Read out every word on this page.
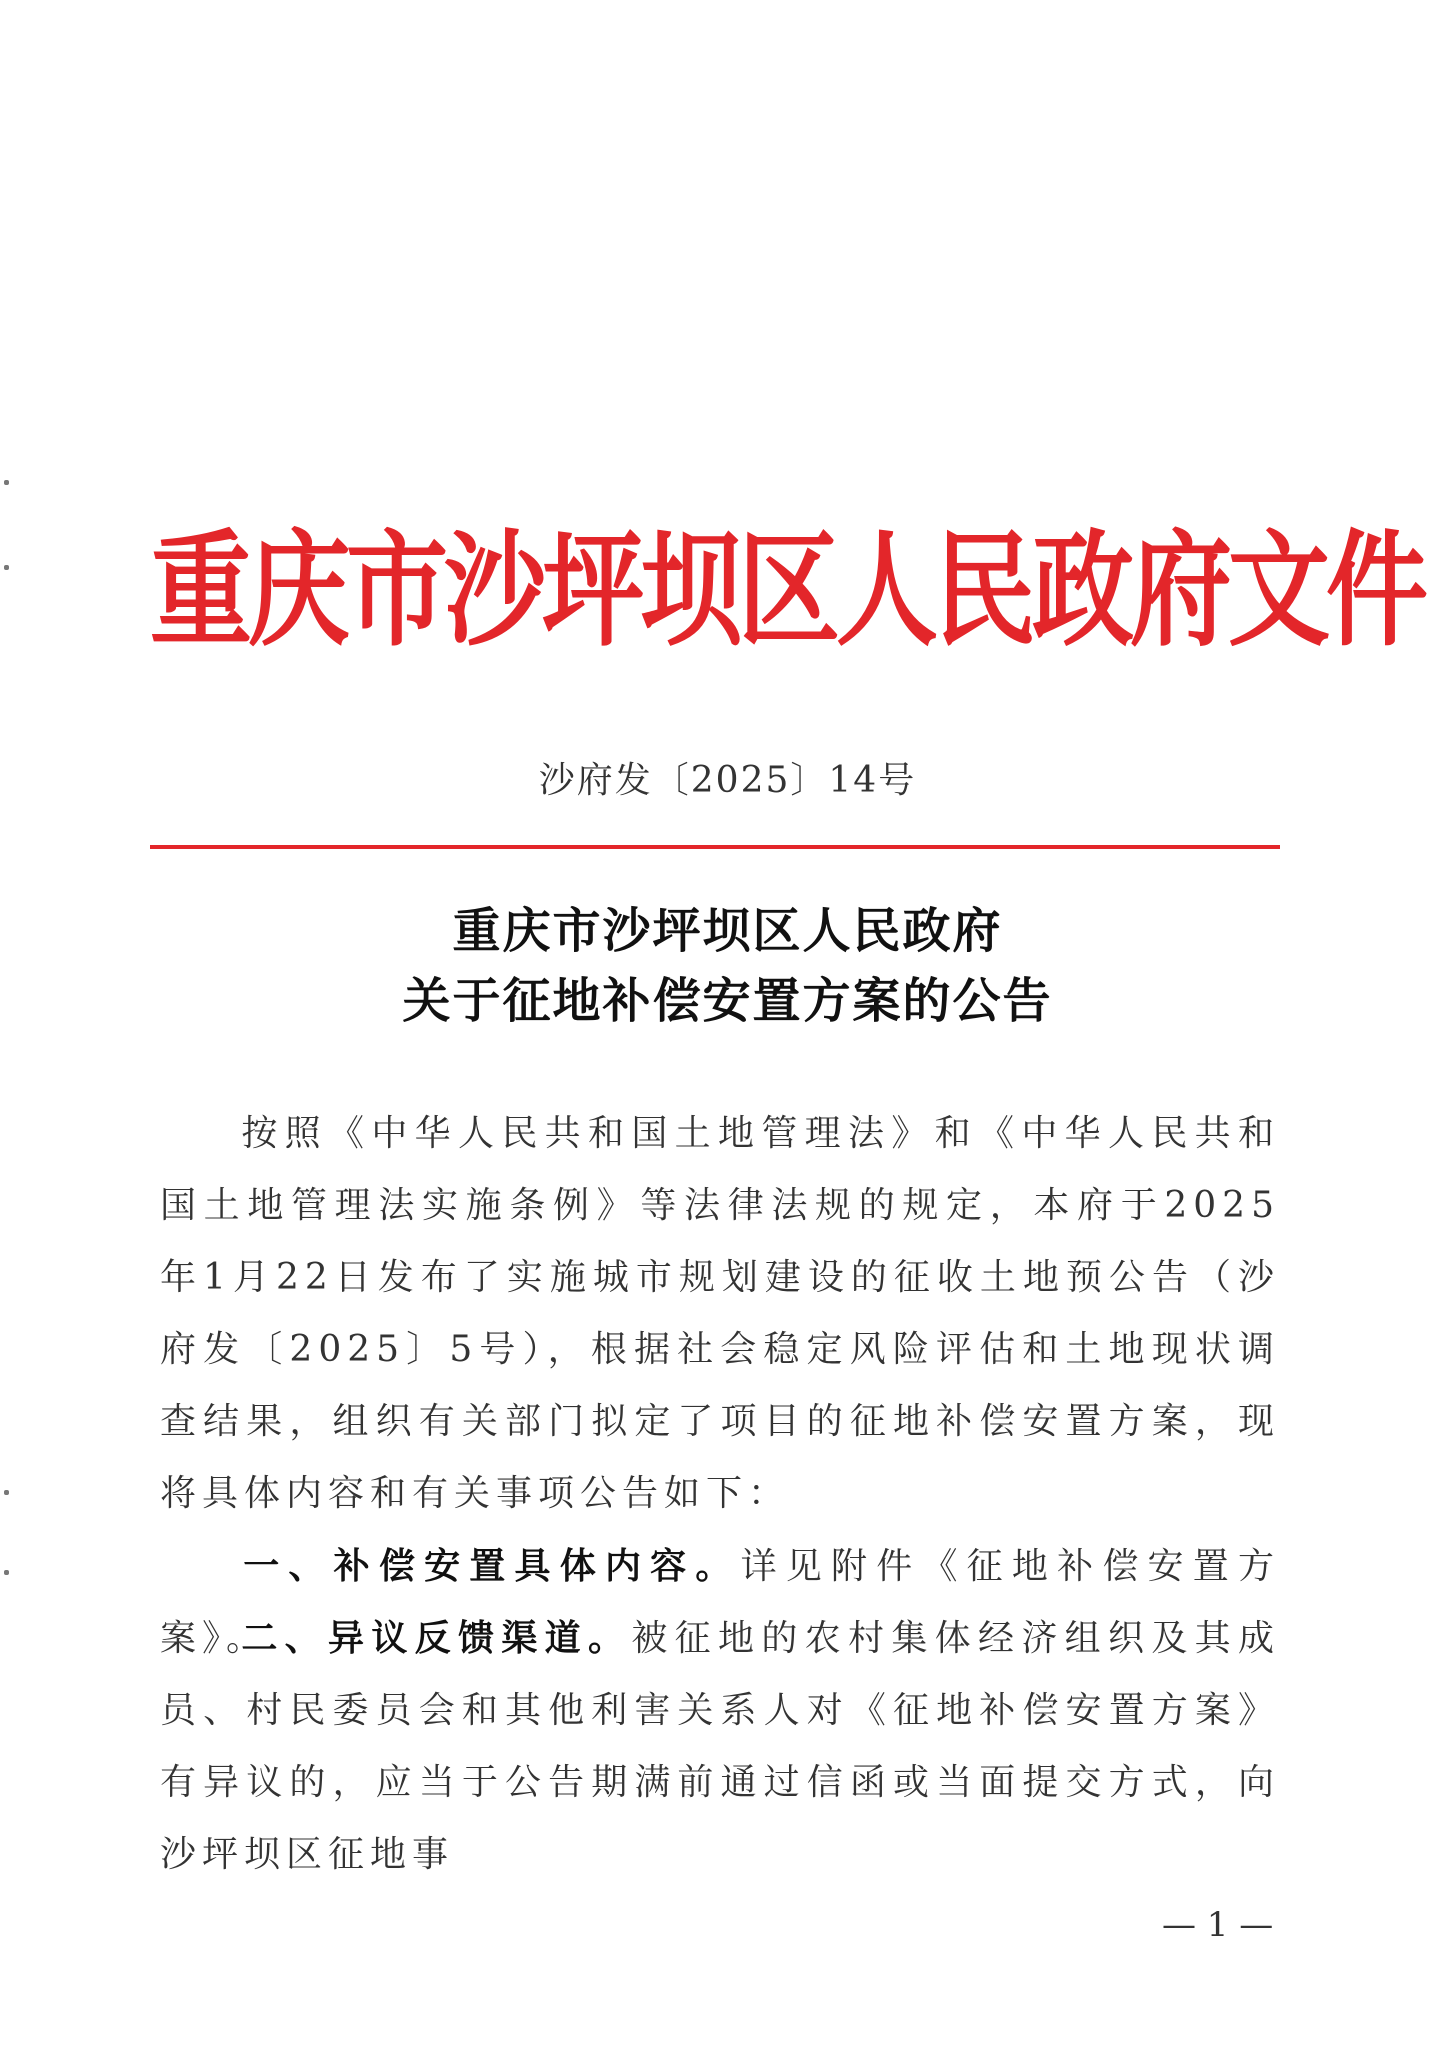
重庆市沙坪坝区人民政府文件
沙府发〔2025〕14号
重庆市沙坪坝区人民政府
关于征地补偿安置方案的公告
按照《中华人民共和国土地管理法》和《中华人民共和国土地管理法实施条例》等法律法规的规定，本府于2025年1月22日发布了实施城市规划建设的征收土地预公告（沙府发〔2025〕5号），根据社会稳定风险评估和土地现状调查结果，组织有关部门拟定了项目的征地补偿安置方案，现将具体内容和有关事项公告如下：
一、补偿安置具体内容。详见附件《征地补偿安置方案》。
二、异议反馈渠道。被征地的农村集体经济组织及其成员、村民委员会和其他利害关系人对《征地补偿安置方案》有异议的，应当于公告期满前通过信函或当面提交方式，向沙坪坝区征地事
— 1 —
